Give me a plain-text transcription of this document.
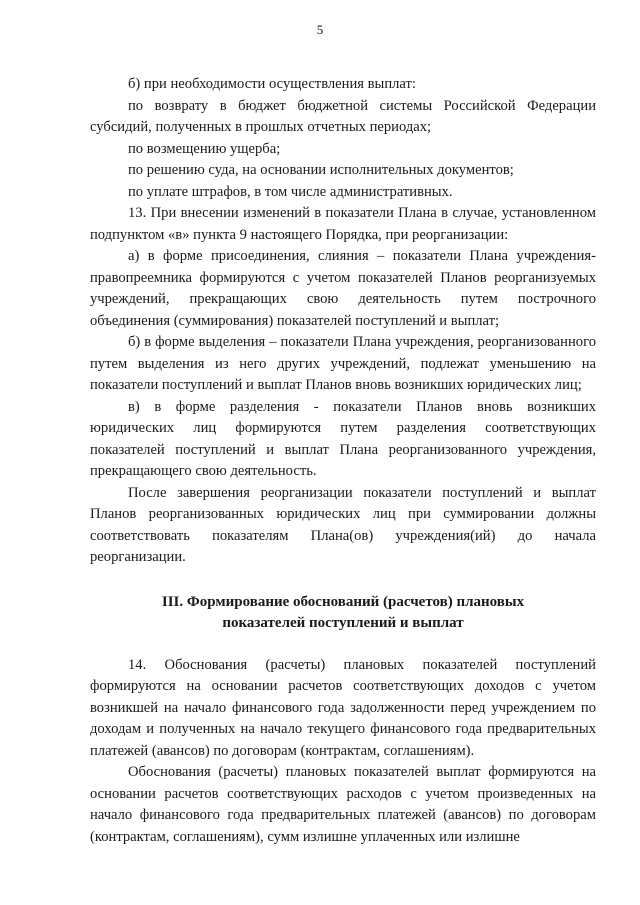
5

б) при необходимости осуществления выплат:

по возврату в бюджет бюджетной системы Российской Федерации субсидий, полученных в прошлых отчетных периодах;

по возмещению ущерба;

по решению суда, на основании исполнительных документов;

по уплате штрафов, в том числе административных.

13. При внесении изменений в показатели Плана в случае, установленном подпунктом «в» пункта 9 настоящего Порядка, при реорганизации:

а) в форме присоединения, слияния – показатели Плана учреждения-правопреемника формируются с учетом показателей Планов реорганизуемых учреждений, прекращающих свою деятельность путем построчного объединения (суммирования) показателей поступлений и выплат;

б) в форме выделения – показатели Плана учреждения, реорганизованного путем выделения из него других учреждений, подлежат уменьшению на показатели поступлений и выплат Планов вновь возникших юридических лиц;

в) в форме разделения - показатели Планов вновь возникших юридических лиц формируются путем разделения соответствующих показателей поступлений и выплат Плана реорганизованного учреждения, прекращающего свою деятельность.

После завершения реорганизации показатели поступлений и выплат Планов реорганизованных юридических лиц при суммировании должны соответствовать показателям Плана(ов) учреждения(ий) до начала реорганизации.

III. Формирование обоснований (расчетов) плановых
показателей поступлений и выплат

14. Обоснования (расчеты) плановых показателей поступлений формируются на основании расчетов соответствующих доходов с учетом возникшей на начало финансового года задолженности перед учреждением по доходам и полученных на начало текущего финансового года предварительных платежей (авансов) по договорам (контрактам, соглашениям).

Обоснования (расчеты) плановых показателей выплат формируются на основании расчетов соответствующих расходов с учетом произведенных на начало финансового года предварительных платежей (авансов) по договорам (контрактам, соглашениям), сумм излишне уплаченных или излишне
